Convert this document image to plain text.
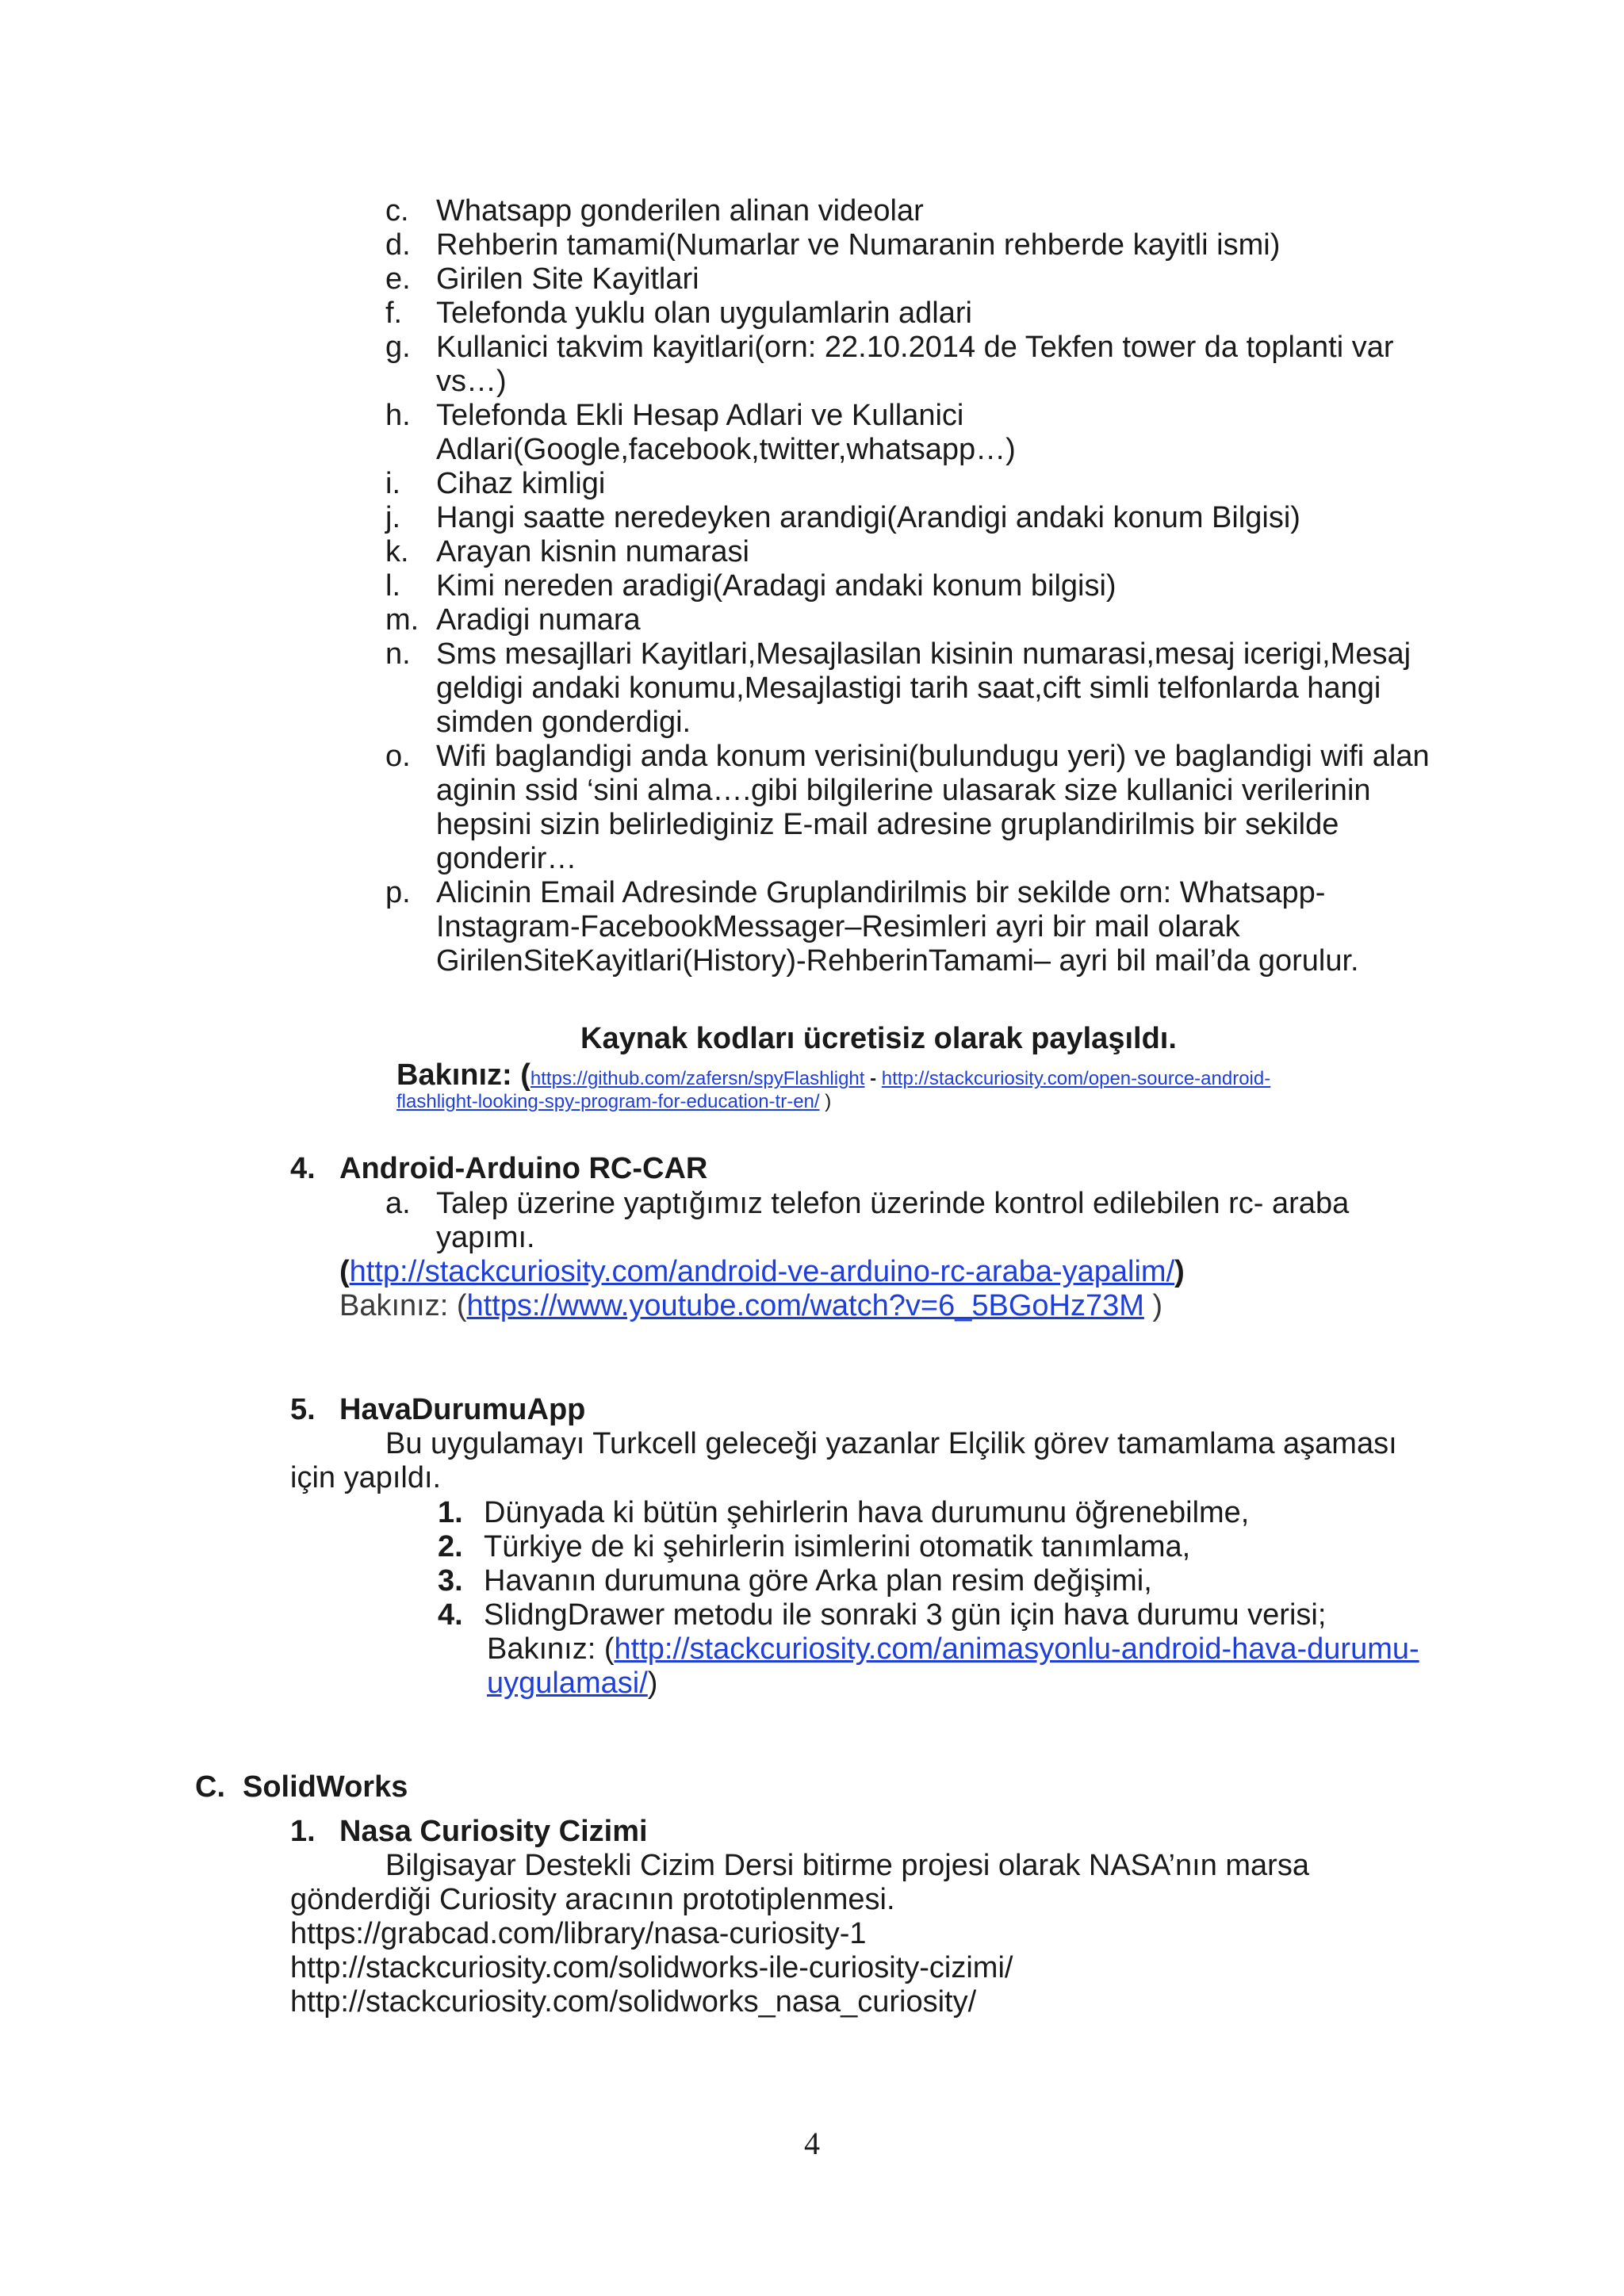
c. Whatsapp gonderilen alinan videolar
d. Rehberin tamami(Numarlar ve Numaranin rehberde kayitli ismi)
e. Girilen Site Kayitlari
f. Telefonda yuklu olan uygulamlarin adlari
g. Kullanici takvim kayitlari(orn: 22.10.2014 de Tekfen tower da toplanti var
vs…)
h. Telefonda Ekli Hesap Adlari ve Kullanici
Adlari(Google,facebook,twitter,whatsapp…)
i. Cihaz kimligi
j. Hangi saatte neredeyken arandigi(Arandigi andaki konum Bilgisi)
k. Arayan kisnin numarasi
l. Kimi nereden aradigi(Aradagi andaki konum bilgisi)
m. Aradigi numara
n. Sms mesajllari Kayitlari,Mesajlasilan kisinin numarasi,mesaj icerigi,Mesaj
geldigi andaki konumu,Mesajlastigi tarih saat,cift simli telfonlarda hangi
simden gonderdigi.
o. Wifi baglandigi anda konum verisini(bulundugu yeri) ve baglandigi wifi alan
aginin ssid ‘sini alma….gibi bilgilerine ulasarak size kullanici verilerinin
hepsini sizin belirlediginiz E-mail adresine gruplandirilmis bir sekilde
gonderir…
p. Alicinin Email Adresinde Gruplandirilmis bir sekilde orn: Whatsapp-
Instagram-FacebookMessager–Resimleri ayri bir mail olarak
GirilenSiteKayitlari(History)-RehberinTamami– ayri bil mail’da gorulur.
Kaynak kodları ücretisiz olarak paylaşıldı.
Bakınız: (https://github.com/zafersn/spyFlashlight - http://stackcuriosity.com/open-source-android-
flashlight-looking-spy-program-for-education-tr-en/ )
4. Android-Arduino RC-CAR
a. Talep üzerine yaptığımız telefon üzerinde kontrol edilebilen rc- araba
yapımı.
(http://stackcuriosity.com/android-ve-arduino-rc-araba-yapalim/)
Bakınız: (https://www.youtube.com/watch?v=6_5BGoHz73M )
5. HavaDurumuApp
Bu uygulamayı Turkcell geleceği yazanlar Elçilik görev tamamlama aşaması
için yapıldı.
1. Dünyada ki bütün şehirlerin hava durumunu öğrenebilme,
2. Türkiye de ki şehirlerin isimlerini otomatik tanımlama,
3. Havanın durumuna göre Arka plan resim değişimi,
4. SlidngDrawer metodu ile sonraki 3 gün için hava durumu verisi;
Bakınız: (http://stackcuriosity.com/animasyonlu-android-hava-durumu-
uygulamasi/)
C. SolidWorks
1. Nasa Curiosity Cizimi
Bilgisayar Destekli Cizim Dersi bitirme projesi olarak NASA’nın marsa
gönderdiği Curiosity aracının prototiplenmesi.
https://grabcad.com/library/nasa-curiosity-1
http://stackcuriosity.com/solidworks-ile-curiosity-cizimi/
http://stackcuriosity.com/solidworks_nasa_curiosity/
4
